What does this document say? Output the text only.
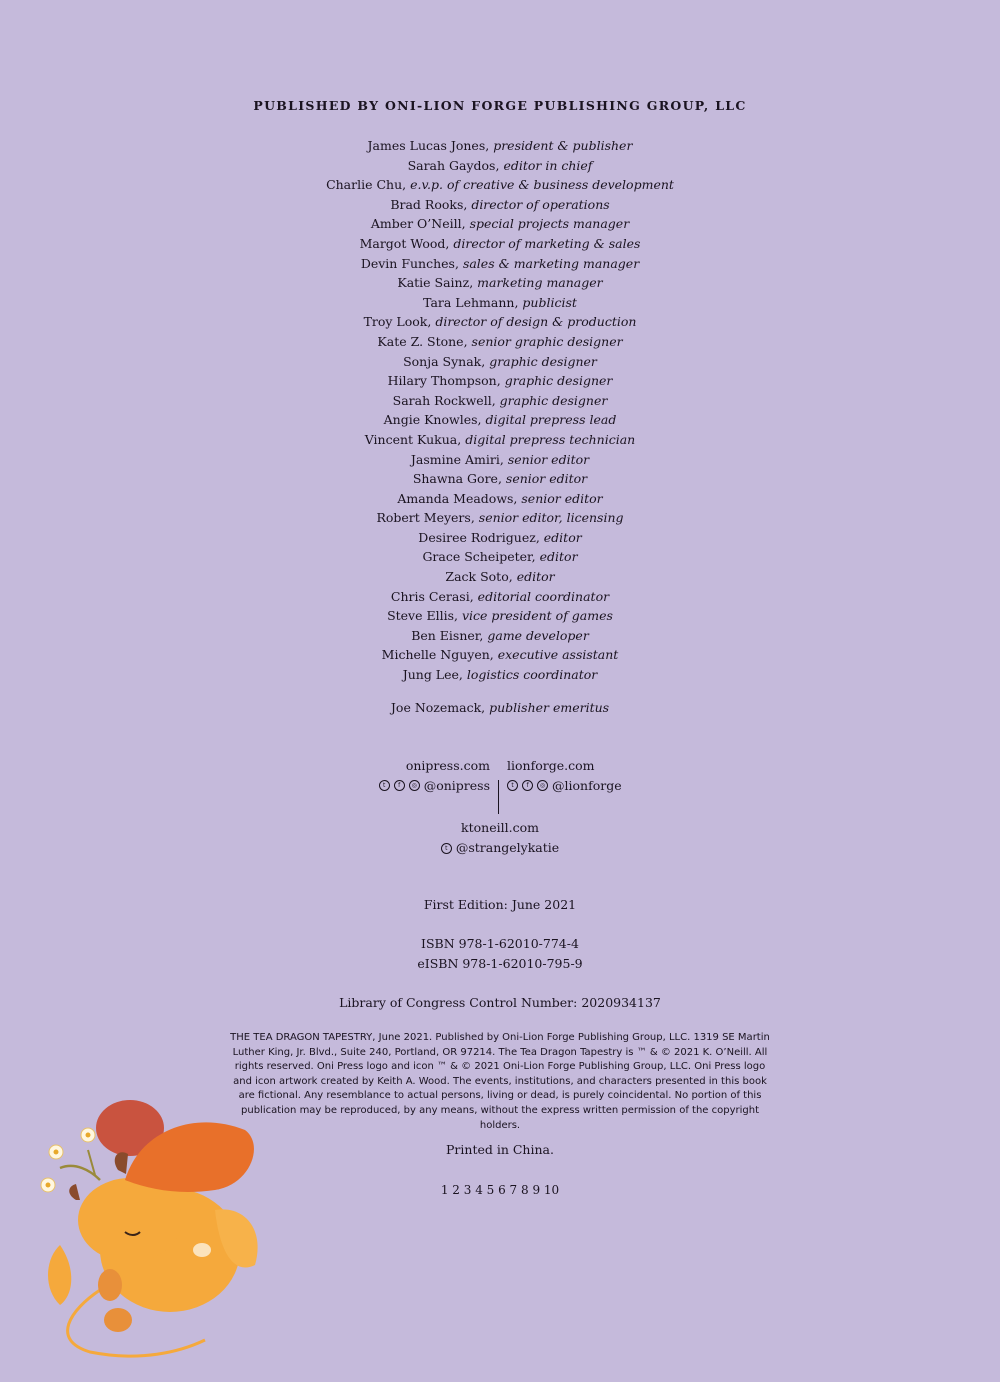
PUBLISHED BY ONI-LION FORGE PUBLISHING GROUP, LLC
James Lucas Jones, president & publisher
Sarah Gaydos, editor in chief
Charlie Chu, e.v.p. of creative & business development
Brad Rooks, director of operations
Amber O’Neill, special projects manager
Margot Wood, director of marketing & sales
Devin Funches, sales & marketing manager
Katie Sainz, marketing manager
Tara Lehmann, publicist
Troy Look, director of design & production
Kate Z. Stone, senior graphic designer
Sonja Synak, graphic designer
Hilary Thompson, graphic designer
Sarah Rockwell, graphic designer
Angie Knowles, digital prepress lead
Vincent Kukua, digital prepress technician
Jasmine Amiri, senior editor
Shawna Gore, senior editor
Amanda Meadows, senior editor
Robert Meyers, senior editor, licensing
Desiree Rodriguez, editor
Grace Scheipeter, editor
Zack Soto, editor
Chris Cerasi, editorial coordinator
Steve Ellis, vice president of games
Ben Eisner, game developer
Michelle Nguyen, executive assistant
Jung Lee, logistics coordinator
Joe Nozemack, publisher emeritus
onipress.com
t	f	◎ @onipress
lionforge.com
t	f	◎ @lionforge
ktoneill.com
t @strangelykatie
First Edition: June 2021
ISBN 978-1-62010-774-4
eISBN 978-1-62010-795-9
Library of Congress Control Number: 2020934137
THE TEA DRAGON TAPESTRY, June 2021. Published by Oni-Lion Forge Publishing Group, LLC. 1319 SE Martin Luther King, Jr. Blvd., Suite 240, Portland, OR 97214. The Tea Dragon Tapestry is ™ & © 2021 K. O’Neill. All rights reserved. Oni Press logo and icon ™ & © 2021 Oni-Lion Forge Publishing Group, LLC. Oni Press logo and icon artwork created by Keith A. Wood. The events, institutions, and characters presented in this book are fictional. Any resemblance to actual persons, living or dead, is purely coincidental. No portion of this publication may be reproduced, by any means, without the express written permission of the copyright holders.
Printed in China.
1 2 3 4 5 6 7 8 9 10
